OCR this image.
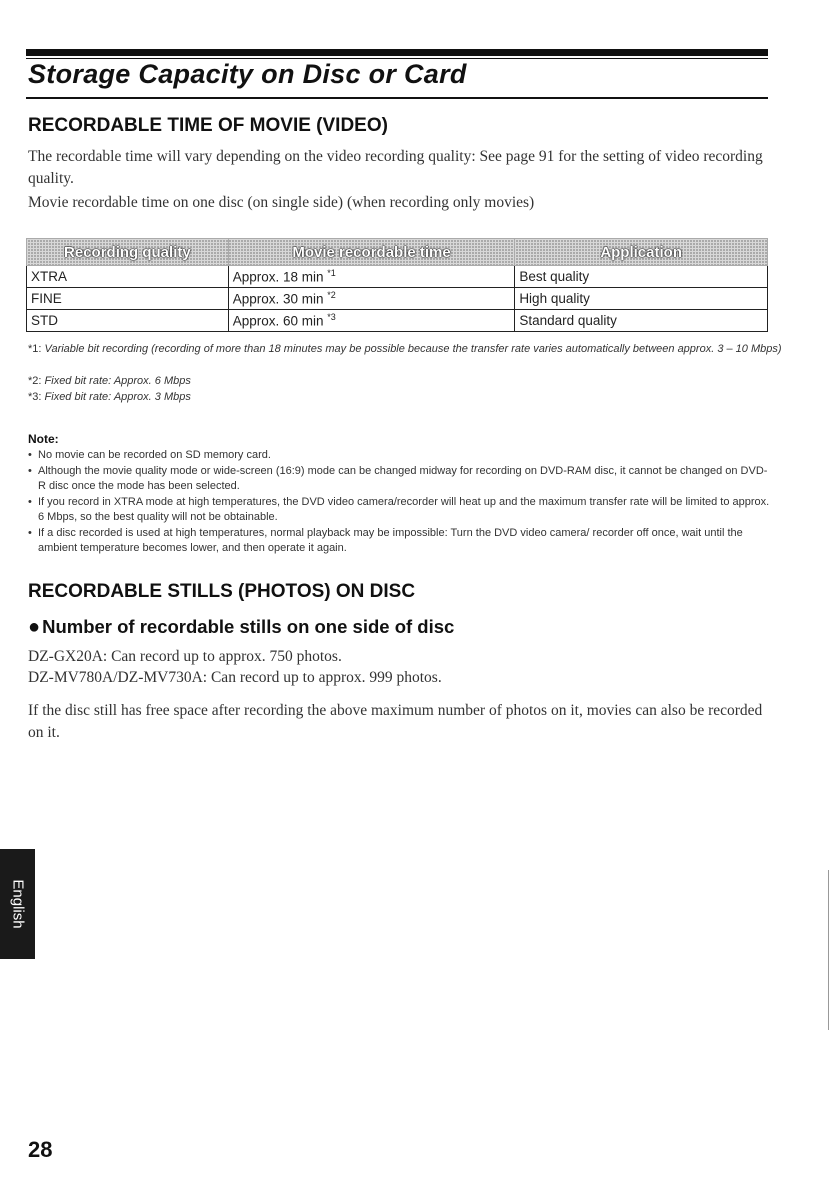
Storage Capacity on Disc or Card
RECORDABLE TIME OF MOVIE (VIDEO)

The recordable time will vary depending on the video recording quality: See page 91 for the setting of video recording quality.

Movie recordable time on one disc (on single side) (when recording only movies)

Recording quality	Movie recordable time	Application
XTRA	Approx. 18 min $^{*1}$	Best quality
FINE	Approx. 30 min $^{*2}$	High quality
STD	Approx. 60 min $^{*3}$	Standard quality

*1: Variable bit recording (recording of more than 18 minutes may be possible because the transfer rate varies automatically between approx. 3 – 10 Mbps)

*2: Fixed bit rate: Approx. 6 Mbps

*3: Fixed bit rate: Approx. 3 Mbps

Note:

• No movie can be recorded on SD memory card.
• Although the movie quality mode or wide-screen (16:9) mode can be changed midway for recording on DVD-RAM disc, it cannot be changed on DVD-R disc once the mode has been selected.
• If you record in XTRA mode at high temperatures, the DVD video camera/recorder will heat up and the maximum transfer rate will be limited to approx. 6 Mbps, so the best quality will not be obtainable.
• If a disc recorded is used at high temperatures, normal playback may be impossible: Turn the DVD video camera/ recorder off once, wait until the ambient temperature becomes lower, and then operate it again.
RECORDABLE STILLS (PHOTOS) ON DISC
● Number of recordable stills on one side of disc

DZ-GX20A: Can record up to approx. 750 photos.

DZ-MV780A/DZ-MV730A: Can record up to approx. 999 photos.

If the disc still has free space after recording the above maximum number of photos on it, movies can also be recorded on it.

English

28
